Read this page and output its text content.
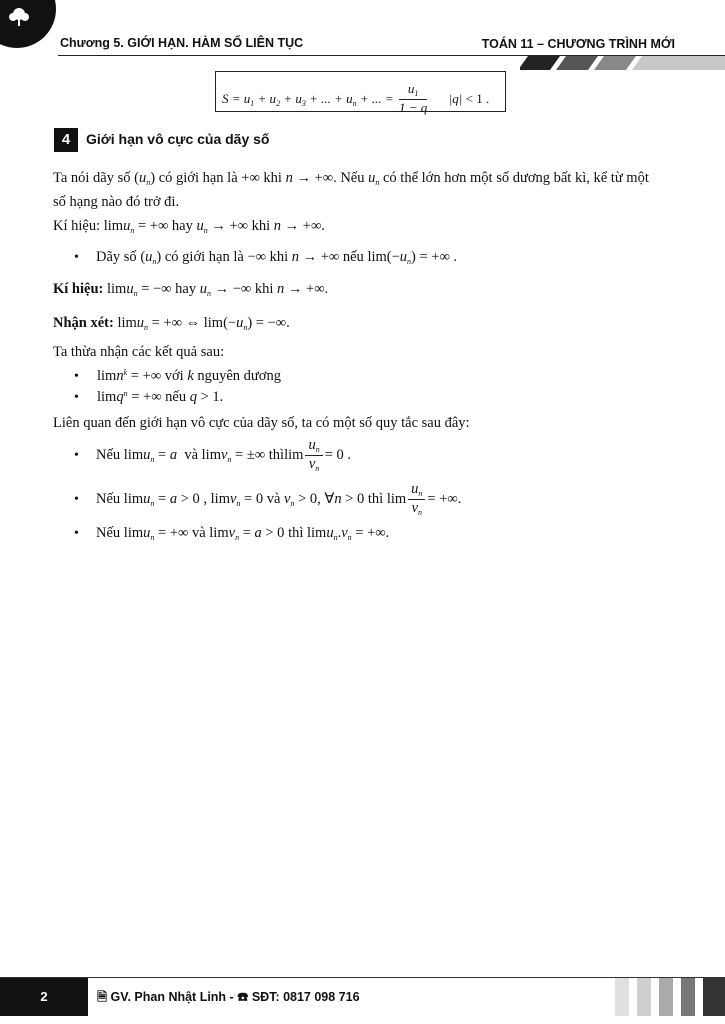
Chương 5. GIỚI HẠN. HÀM SỐ LIÊN TỤC	TOÁN 11 – CHƯƠNG TRÌNH MỚI
$S = u_1 + u_2 + u_3$ + ... + $u_n$ + ... = $\frac{u_1}{1 - q} |q| < 1$ .
4	Giới hạn vô cực của dãy số
Ta nói dãy số $(u_n)$ có giới hạn là +∞ khi n → +∞. Nếu $u_n$ có thể lớn hơn một số dương bất kì, kể từ một
số hạng nào đó trở đi.
Kí hiệu: limu$_n$ = +∞ hay $u_n$ → +∞ khi n → +∞.
• Dãy số $(u_n)$ có giới hạn là −∞ khi n → +∞ nếu $\lim(-u_n)$ = +∞ .
Kí hiệu: limu$_n$ = −∞ hay $u_n$ → −∞ khi n → +∞.
Nhận xét: limu$_n$ = +∞ ⇔ $\lim(-u_n)$ = −∞.
Ta thừa nhận các kết quả sau:
• limn$^k$ = +∞ với k nguyên dương
• limq$^n$ = +∞ nếu q > 1.
Liên quan đến giới hạn vô cực của dãy số, ta có một số quy tắc sau đây:
• Nếu limu$_n$ = a và limv$_n$ = ±∞ thìlim $\frac{u_n}{v_n} = 0$ .
• Nếu limu$_n$ = a > 0 , limv$_n$ = 0 và $v_n > 0$, ∀n > 0 thì $\lim \frac{u_n}{v_n}$ = +∞.
• Nếu limu$_n$ = +∞ và limv$_n$ = a > 0 thì $\lim u_n.v_n$ = +∞.
2	🗎 GV. Phan Nhật Linh - ☎ SĐT: 0817 098 716
